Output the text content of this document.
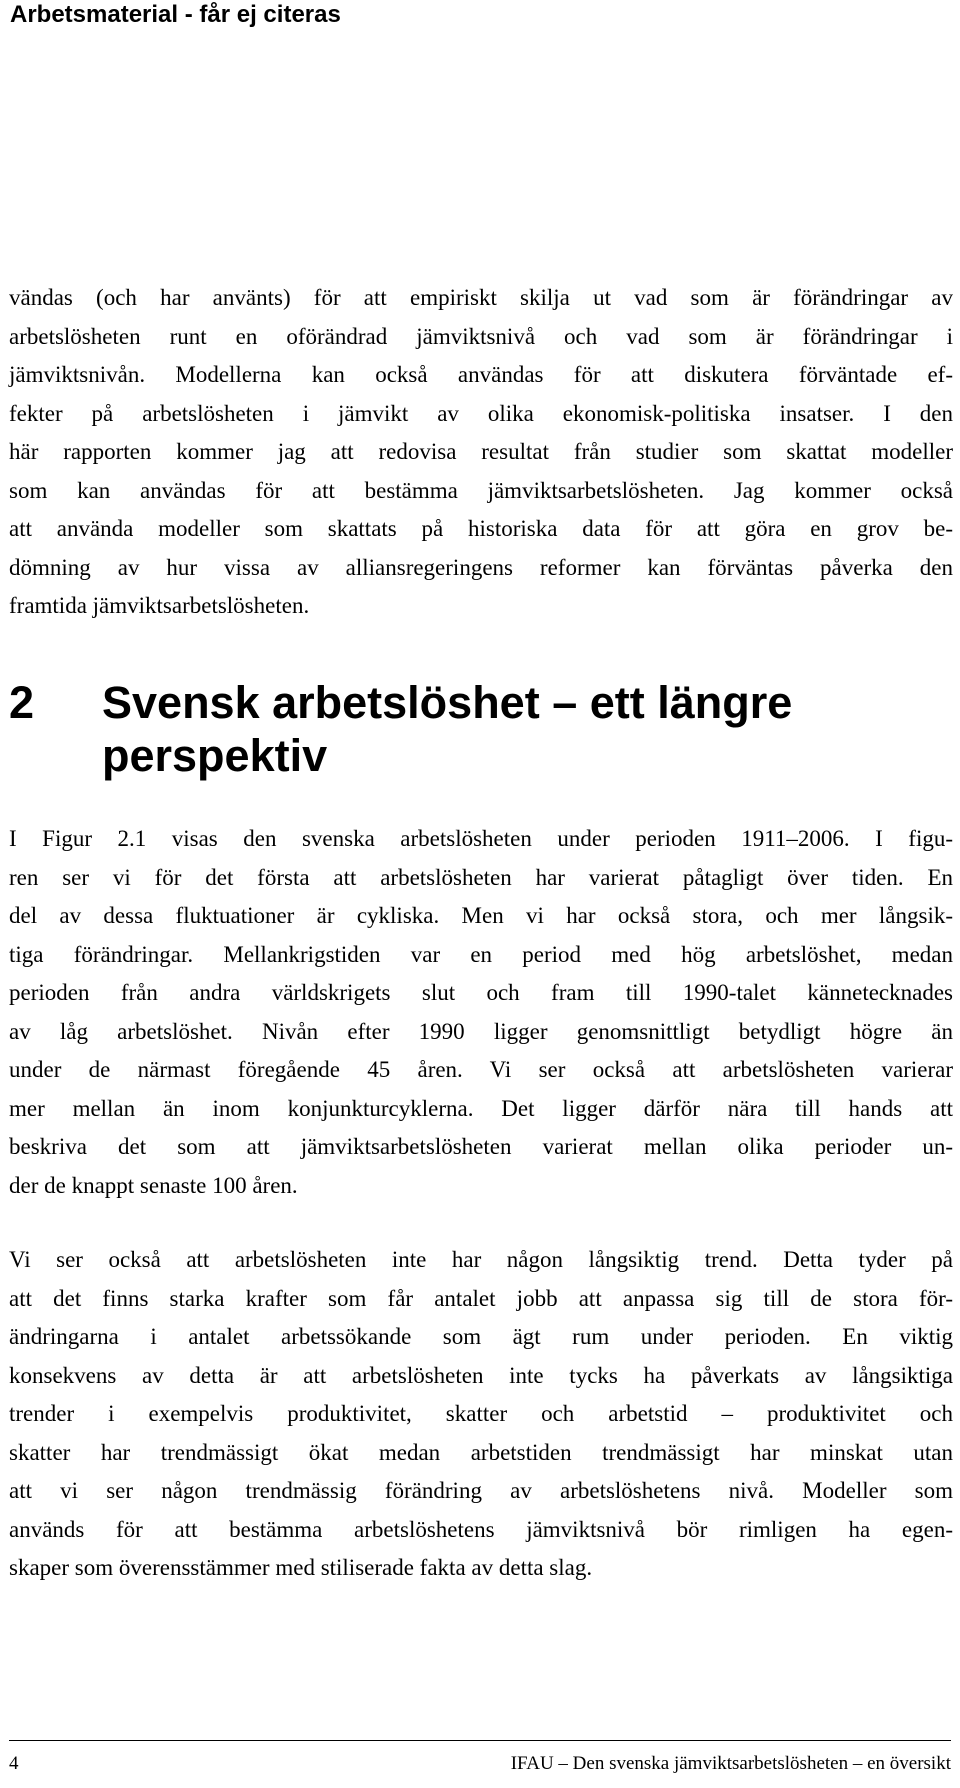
Arbetsmaterial - får ej citeras
vändas (och har använts) för att empiriskt skilja ut vad som är förändringar av
arbetslösheten runt en oförändrad jämviktsnivå och vad som är förändringar i
jämviktsnivån. Modellerna kan också användas för att diskutera förväntade ef-
fekter på arbetslösheten i jämvikt av olika ekonomisk-politiska insatser. I den
här rapporten kommer jag att redovisa resultat från studier som skattat modeller
som kan användas för att bestämma jämviktsarbetslösheten. Jag kommer också
att använda modeller som skattats på historiska data för att göra en grov be-
dömning av hur vissa av alliansregeringens reformer kan förväntas påverka den
framtida jämviktsarbetslösheten.
2 Svensk arbetslöshet – ett längre
perspektiv
I Figur 2.1 visas den svenska arbetslösheten under perioden 1911–2006. I figu-
ren ser vi för det första att arbetslösheten har varierat påtagligt över tiden. En
del av dessa fluktuationer är cykliska. Men vi har också stora, och mer långsik-
tiga förändringar. Mellankrigstiden var en period med hög arbetslöshet, medan
perioden från andra världskrigets slut och fram till 1990-talet kännetecknades
av låg arbetslöshet. Nivån efter 1990 ligger genomsnittligt betydligt högre än
under de närmast föregående 45 åren. Vi ser också att arbetslösheten varierar
mer mellan än inom konjunkturcyklerna. Det ligger därför nära till hands att
beskriva det som att jämviktsarbetslösheten varierat mellan olika perioder un-
der de knappt senaste 100 åren.
Vi ser också att arbetslösheten inte har någon långsiktig trend. Detta tyder på
att det finns starka krafter som får antalet jobb att anpassa sig till de stora för-
ändringarna i antalet arbetssökande som ägt rum under perioden. En viktig
konsekvens av detta är att arbetslösheten inte tycks ha påverkats av långsiktiga
trender i exempelvis produktivitet, skatter och arbetstid – produktivitet och
skatter har trendmässigt ökat medan arbetstiden trendmässigt har minskat utan
att vi ser någon trendmässig förändring av arbetslöshetens nivå. Modeller som
används för att bestämma arbetslöshetens jämviktsnivå bör rimligen ha egen-
skaper som överensstämmer med stiliserade fakta av detta slag.
4	IFAU – Den svenska jämviktsarbetslösheten – en översikt
